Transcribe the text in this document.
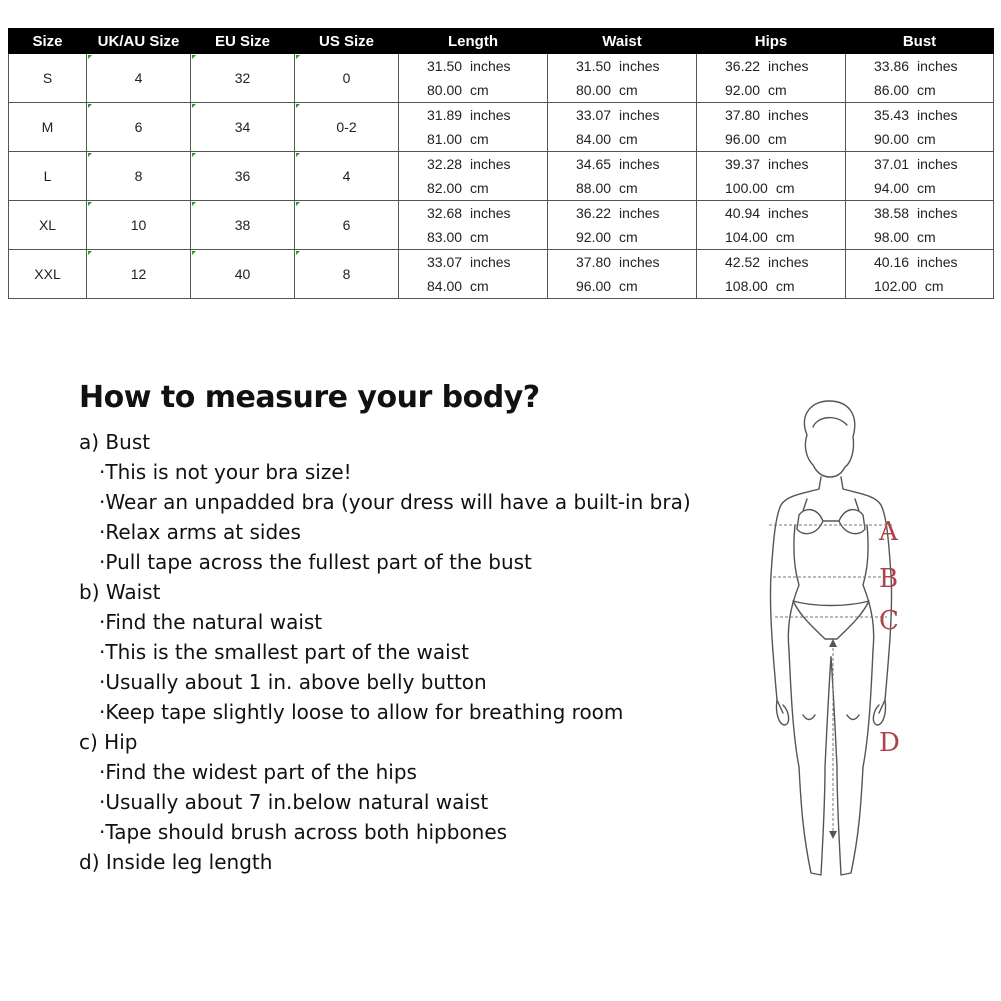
Size	UK/AU Size	EU Size	US Size	Length	Waist	Hips	Bust
S	4	32	0	31.50 inches	31.50 inches	36.22 inches	33.86 inches
				80.00 cm	80.00 cm	92.00 cm	86.00 cm
M	6	34	0-2	31.89 inches	33.07 inches	37.80 inches	35.43 inches
				81.00 cm	84.00 cm	96.00 cm	90.00 cm
L	8	36	4	32.28 inches	34.65 inches	39.37 inches	37.01 inches
				82.00 cm	88.00 cm	100.00 cm	94.00 cm
XL	10	38	6	32.68 inches	36.22 inches	40.94 inches	38.58 inches
				83.00 cm	92.00 cm	104.00 cm	98.00 cm
XXL	12	40	8	33.07 inches	37.80 inches	42.52 inches	40.16 inches
				84.00 cm	96.00 cm	108.00 cm	102.00 cm
How to measure your body?
a) Bust
· This is not your bra size!
· Wear an unpadded bra (your dress will have a built-in bra)
· Relax arms at sides
· Pull tape across the fullest part of the bust
b) Waist
· Find the natural waist
· This is the smallest part of the waist
· Usually about 1 in. above belly button
· Keep tape slightly loose to allow for breathing room
c) Hip
· Find the widest part of the hips
· Usually about 7 in.below natural waist
· Tape should brush across both hipbones
d) Inside leg length
A
B
C
D
